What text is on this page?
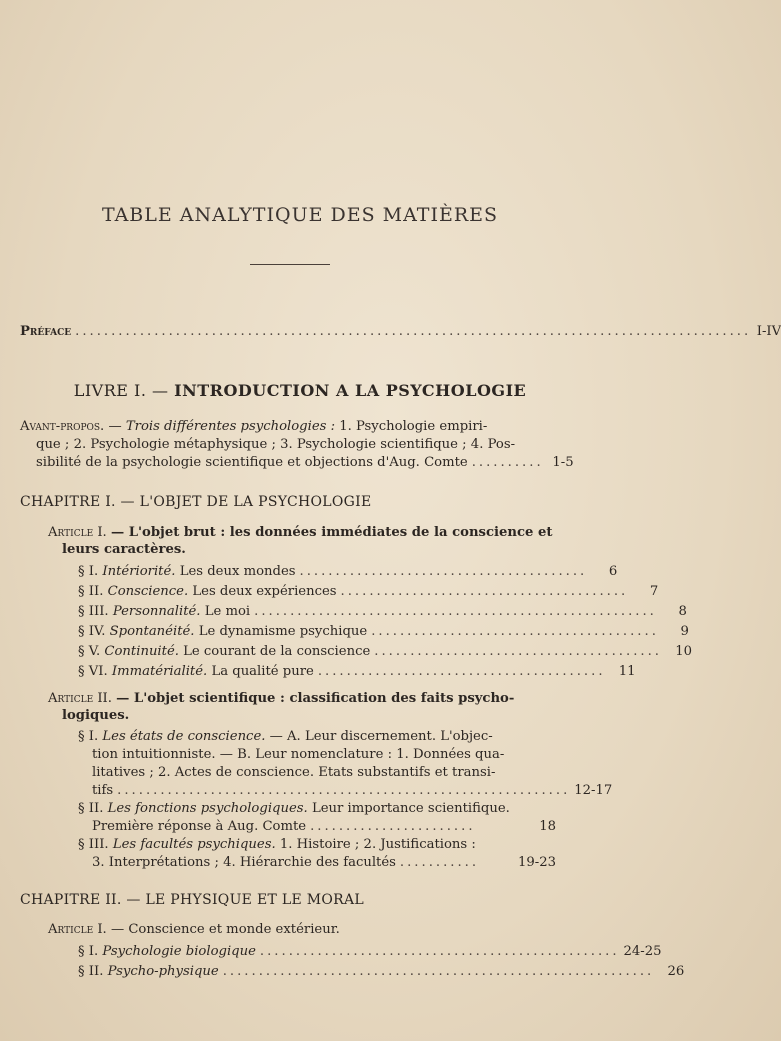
TABLE ANALYTIQUE DES MATIÈRES
Préface .............................................................................................. I-IV
LIVRE I. — INTRODUCTION A LA PSYCHOLOGIE
Avant-propos. — Trois différentes psychologies : 1. Psychologie empiri-
que ; 2. Psychologie métaphysique ; 3. Psychologie scientifique ; 4. Pos-
sibilité de la psychologie scientifique et objections d'Aug. Comte .......... 1-5
CHAPITRE I. — L'OBJET DE LA PSYCHOLOGIE
Article I. — L'objet brut : les données immédiates de la conscience et
leurs caractères.
§ I. Intériorité. Les deux mondes ........................................	6
§ II. Conscience. Les deux expériences ........................................	7
§ III. Personnalité. Le moi ........................................................	8
§ IV. Spontanéité. Le dynamisme psychique ........................................	9
§ V. Continuité. Le courant de la conscience ........................................	10
§ VI. Immatérialité. La qualité pure ........................................	11
Article II. — L'objet scientifique : classification des faits psycho-
logiques.
§ I. Les états de conscience. — A. Leur discernement. L'objec-
tion intuitionniste. — B. Leur nomenclature : 1. Données qua-
litatives ; 2. Actes de conscience. Etats substantifs et transi-
tifs ............................................................... 12-17
§ II. Les fonctions psychologiques. Leur importance scientifique.
Première réponse à Aug. Comte .......................	18
§ III. Les facultés psychiques. 1. Histoire ; 2. Justifications :
3. Interprétations ; 4. Hiérarchie des facultés ...........	19-23
CHAPITRE II. — LE PHYSIQUE ET LE MORAL
Article I. — Conscience et monde extérieur.
§ I. Psychologie biologique .................................................. 24-25
§ II. Psycho-physique ............................................................	26
